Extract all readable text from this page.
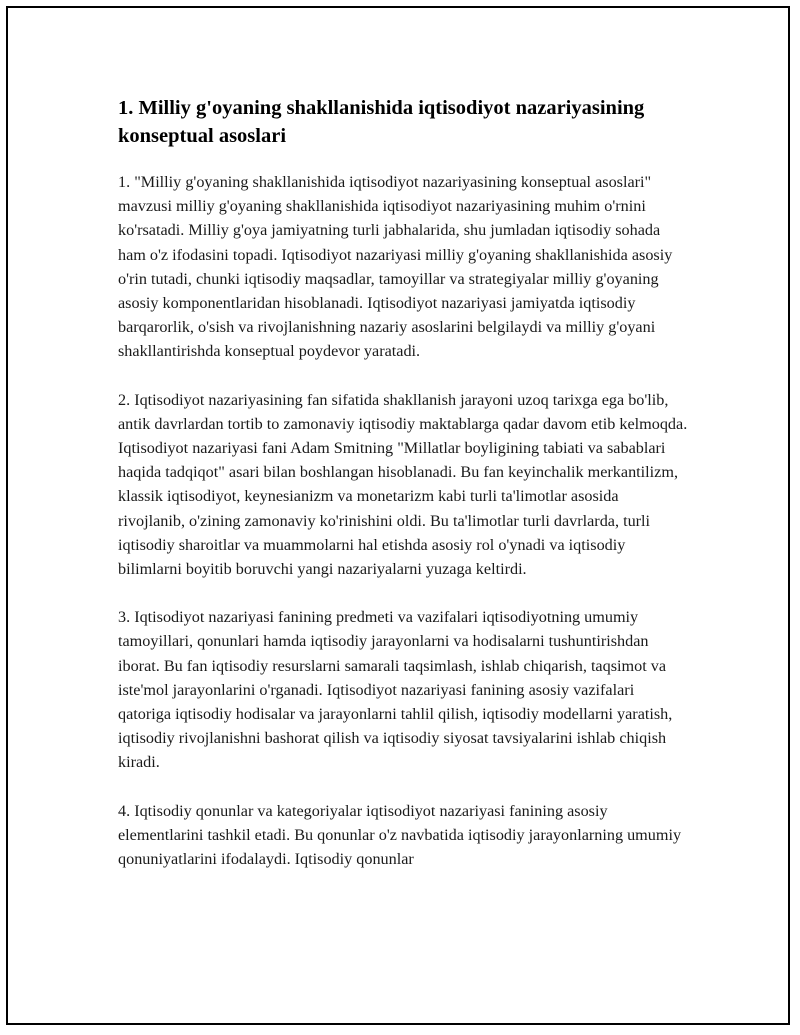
1. Milliy g'oyaning shakllanishida iqtisodiyot nazariyasining konseptual asoslari

1. "Milliy g'oyaning shakllanishida iqtisodiyot nazariyasining konseptual asoslari" mavzusi milliy g'oyaning shakllanishida iqtisodiyot nazariyasining muhim o'rnini ko'rsatadi. Milliy g'oya jamiyatning turli jabhalarida, shu jumladan iqtisodiy sohada ham o'z ifodasini topadi. Iqtisodiyot nazariyasi milliy g'oyaning shakllanishida asosiy o'rin tutadi, chunki iqtisodiy maqsadlar, tamoyillar va strategiyalar milliy g'oyaning asosiy komponentlaridan hisoblanadi. Iqtisodiyot nazariyasi jamiyatda iqtisodiy barqarorlik, o'sish va rivojlanishning nazariy asoslarini belgilaydi va milliy g'oyani shakllantirishda konseptual poydevor yaratadi.

2. Iqtisodiyot nazariyasining fan sifatida shakllanish jarayoni uzoq tarixga ega bo'lib, antik davrlardan tortib to zamonaviy iqtisodiy maktablarga qadar davom etib kelmoqda. Iqtisodiyot nazariyasi fani Adam Smitning "Millatlar boyligining tabiati va sabablari haqida tadqiqot" asari bilan boshlangan hisoblanadi. Bu fan keyinchalik merkantilizm, klassik iqtisodiyot, keynesianizm va monetarizm kabi turli ta'limotlar asosida rivojlanib, o'zining zamonaviy ko'rinishini oldi. Bu ta'limotlar turli davrlarda, turli iqtisodiy sharoitlar va muammolarni hal etishda asosiy rol o'ynadi va iqtisodiy bilimlarni boyitib boruvchi yangi nazariyalarni yuzaga keltirdi.

3. Iqtisodiyot nazariyasi fanining predmeti va vazifalari iqtisodiyotning umumiy tamoyillari, qonunlari hamda iqtisodiy jarayonlarni va hodisalarni tushuntirishdan iborat. Bu fan iqtisodiy resurslarni samarali taqsimlash, ishlab chiqarish, taqsimot va iste'mol jarayonlarini o'rganadi. Iqtisodiyot nazariyasi fanining asosiy vazifalari qatoriga iqtisodiy hodisalar va jarayonlarni tahlil qilish, iqtisodiy modellarni yaratish, iqtisodiy rivojlanishni bashorat qilish va iqtisodiy siyosat tavsiyalarini ishlab chiqish kiradi.

4. Iqtisodiy qonunlar va kategoriyalar iqtisodiyot nazariyasi fanining asosiy elementlarini tashkil etadi. Bu qonunlar o'z navbatida iqtisodiy jarayonlarning umumiy qonuniyatlarini ifodalaydi. Iqtisodiy qonunlar
